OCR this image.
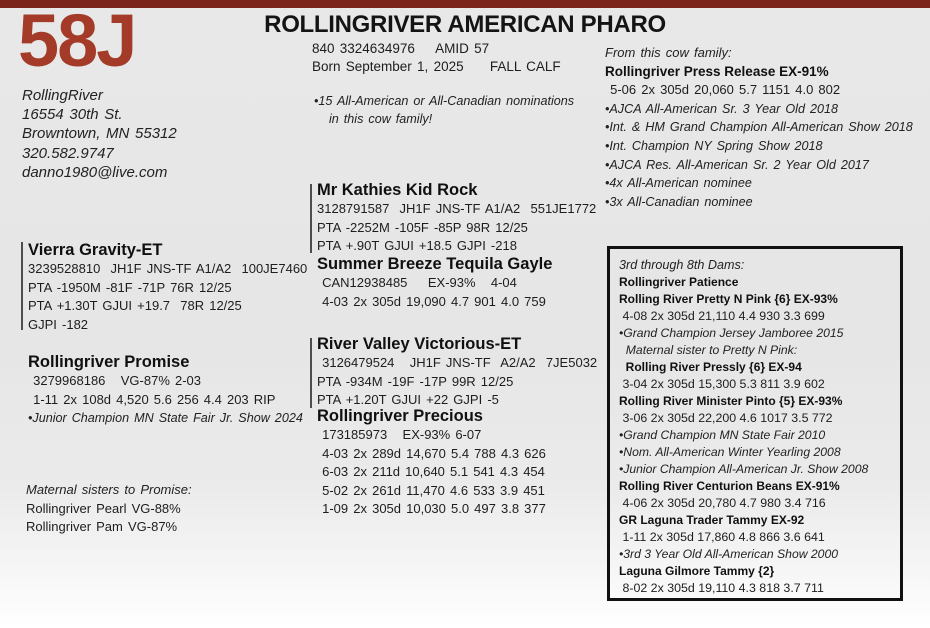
58J	ROLLINGRIVER AMERICAN PHARO
840 3324634976    AMID 57
Born September 1, 2025     FALL CALF
RollingRiver
16554 30th St.
Browntown, MN 55312
320.582.9747
danno1980@live.com
•15 All-American or All-Canadian nominations
in this cow family!
From this cow family:
Rollingriver Press Release EX-91%
5-06 2x 305d 20,060 5.7 1151 4.0 802
•AJCA All-American Sr. 3 Year Old 2018
•Int. & HM Grand Champion All-American Show 2018
•Int. Champion NY Spring Show 2018
•AJCA Res. All-American Sr. 2 Year Old 2017
•4x All-American nominee
•3x All-Canadian nominee
Vierra Gravity-ET
3239528810  JH1F JNS-TF A1/A2  100JE7460
PTA -1950M -81F -71P 76R 12/25
PTA +1.30T GJUI +19.7  78R 12/25
GJPI -182
Rollingriver Promise
3279968186   VG-87% 2-03
1-11 2x 108d 4,520 5.6 256 4.4 203 RIP
•Junior Champion MN State Fair Jr. Show 2024
Maternal sisters to Promise:
Rollingriver Pearl VG-88%
Rollingriver Pam VG-87%
Mr Kathies Kid Rock
3128791587  JH1F JNS-TF A1/A2  551JE1772
PTA -2252M -105F -85P 98R 12/25
PTA +.90T GJUI +18.5 GJPI -218
Summer Breeze Tequila Gayle
CAN12938485    EX-93%   4-04
4-03 2x 305d 19,090 4.7 901 4.0 759
River Valley Victorious-ET
3126479524   JH1F JNS-TF  A2/A2  7JE5032
PTA -934M -19F -17P 99R 12/25
PTA +1.20T GJUI +22 GJPI -5
Rollingriver Precious
173185973   EX-93% 6-07
4-03 2x 289d 14,670 5.4 788 4.3 626
6-03 2x 211d 10,640 5.1 541 4.3 454
5-02 2x 261d 11,470 4.6 533 3.9 451
1-09 2x 305d 10,030 5.0 497 3.8 377
3rd through 8th Dams:
Rollingriver Patience
Rolling River Pretty N Pink {6} EX-93%
4-08 2x 305d 21,110 4.4 930 3.3 699
•Grand Champion Jersey Jamboree 2015
Maternal sister to Pretty N Pink:
Rolling River Pressly {6} EX-94
3-04 2x 305d 15,300 5.3 811 3.9 602
Rolling River Minister Pinto {5} EX-93%
3-06 2x 305d 22,200 4.6 1017 3.5 772
•Grand Champion MN State Fair 2010
•Nom. All-American Winter Yearling 2008
•Junior Champion All-American Jr. Show 2008
Rolling River Centurion Beans EX-91%
4-06 2x 305d 20,780 4.7 980 3.4 716
GR Laguna Trader Tammy EX-92
1-11 2x 305d 17,860 4.8 866 3.6 641
•3rd 3 Year Old All-American Show 2000
Laguna Gilmore Tammy {2}
8-02 2x 305d 19,110 4.3 818 3.7 711
